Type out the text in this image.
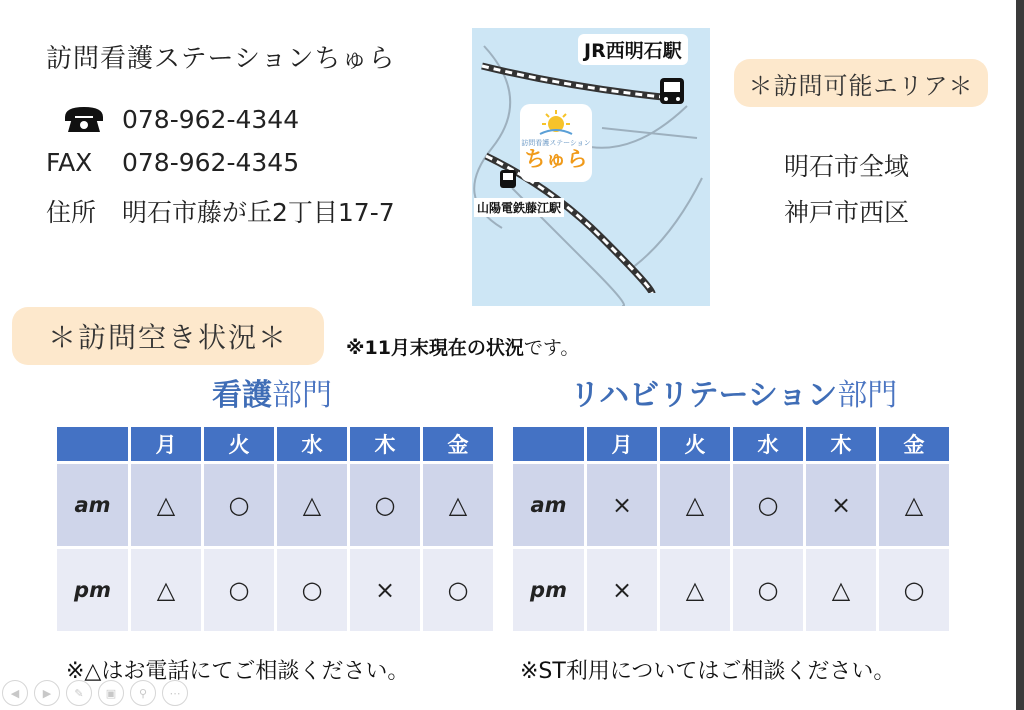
訪問看護ステーションちゅら
078-962-4344
FAX	078-962-4345
住所	明石市藤が丘2丁目17-7
JR西明石駅
山陽電鉄藤江駅
訪問看護ステーション
ちゅら
＊訪問可能エリア＊
明石市全域
神戸市西区
＊訪問空き状況＊	※11月末現在の状況です。
看護部門	リハビリテーション部門
	月	火	水	木	金
am	△	○	△	○	△
pm	△	○	○	×	○
	月	火	水	木	金
am	×	△	○	×	△
pm	×	△	○	△	○
※△はお電話にてご相談ください。	※ST利用についてはご相談ください。
◀	▶	✎	▣	⚲	⋯
